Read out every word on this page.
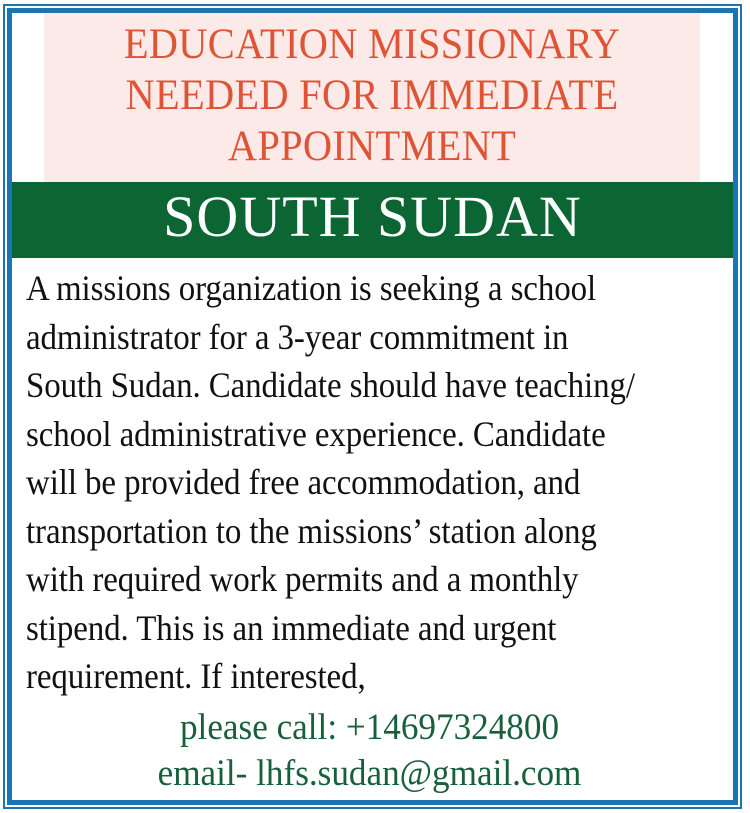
EDUCATION MISSIONARY
NEEDED FOR IMMEDIATE
APPOINTMENT
SOUTH SUDAN
A missions organization is seeking a school
administrator for a 3-year commitment in
South Sudan. Candidate should have teaching/
school administrative experience. Candidate
will be provided free accommodation, and
transportation to the missions’ station along
with required work permits and a monthly
stipend. This is an immediate and urgent
requirement. If interested,
please call: +14697324800
email- lhfs.sudan@gmail.com
